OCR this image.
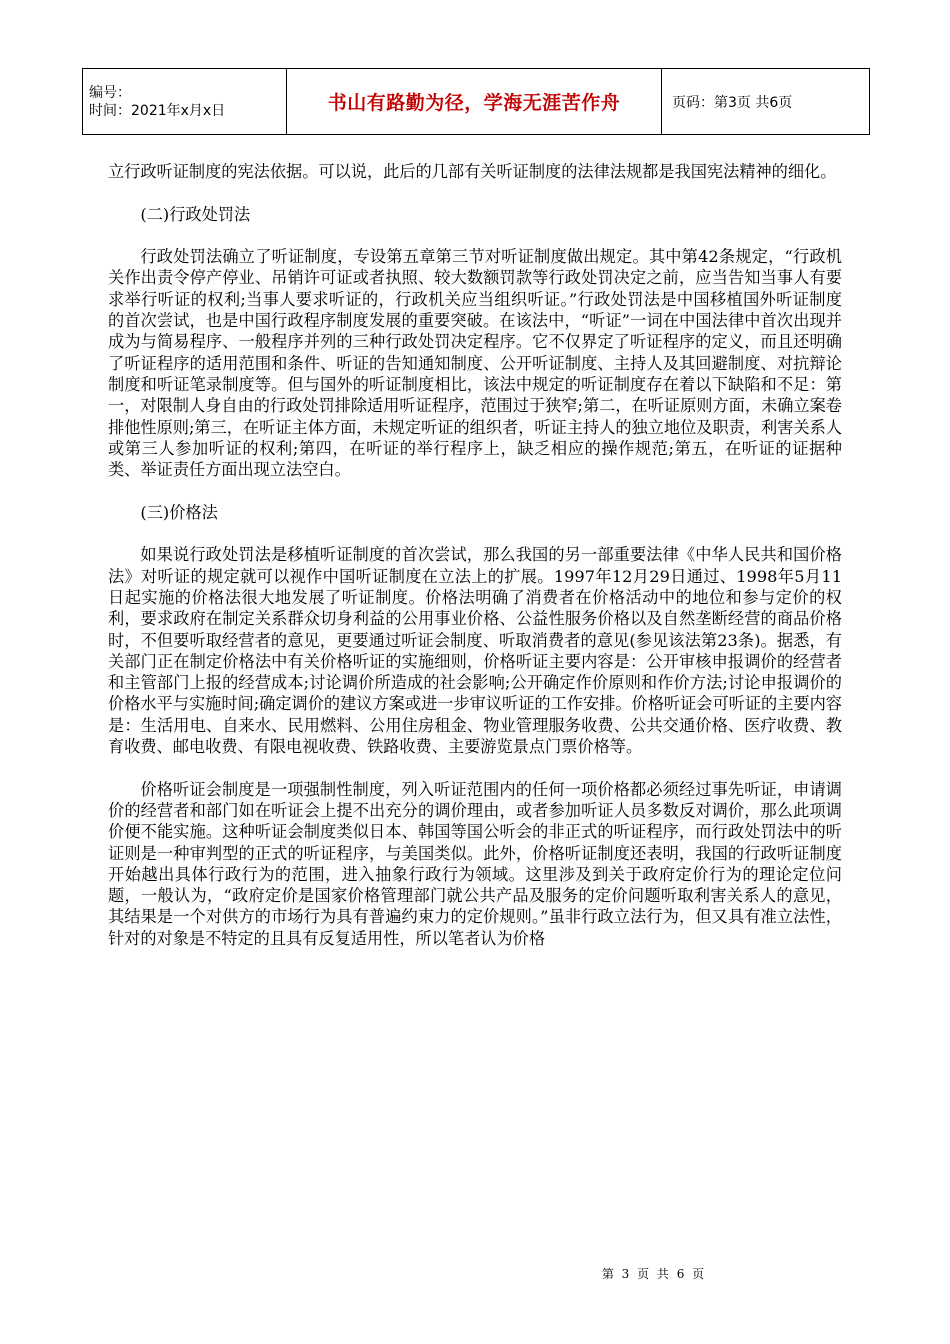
编号：
时间：2021年x月x日	书山有路勤为径，学海无涯苦作舟	页码：第3页 共6页

立行政听证制度的宪法依据。可以说，此后的几部有关听证制度的法律法规都是我国宪法精神的细化。

(二)行政处罚法

行政处罚法确立了听证制度，专设第五章第三节对听证制度做出规定。其中第42条规定，“行政机关作出责令停产停业、吊销许可证或者执照、较大数额罚款等行政处罚决定之前，应当告知当事人有要求举行听证的权利;当事人要求听证的，行政机关应当组织听证。”行政处罚法是中国移植国外听证制度的首次尝试，也是中国行政程序制度发展的重要突破。在该法中，“听证”一词在中国法律中首次出现并成为与简易程序、一般程序并列的三种行政处罚决定程序。它不仅界定了听证程序的定义，而且还明确了听证程序的适用范围和条件、听证的告知通知制度、公开听证制度、主持人及其回避制度、对抗辩论制度和听证笔录制度等。但与国外的听证制度相比，该法中规定的听证制度存在着以下缺陷和不足：第一，对限制人身自由的行政处罚排除适用听证程序，范围过于狭窄;第二，在听证原则方面，未确立案卷排他性原则;第三，在听证主体方面，未规定听证的组织者，听证主持人的独立地位及职责，利害关系人或第三人参加听证的权利;第四，在听证的举行程序上，缺乏相应的操作规范;第五，在听证的证据种类、举证责任方面出现立法空白。

(三)价格法

如果说行政处罚法是移植听证制度的首次尝试，那么我国的另一部重要法律《中华人民共和国价格法》对听证的规定就可以视作中国听证制度在立法上的扩展。1997年12月29日通过、1998年5月11日起实施的价格法很大地发展了听证制度。价格法明确了消费者在价格活动中的地位和参与定价的权利，要求政府在制定关系群众切身利益的公用事业价格、公益性服务价格以及自然垄断经营的商品价格时，不但要听取经营者的意见，更要通过听证会制度、听取消费者的意见(参见该法第23条)。据悉，有关部门正在制定价格法中有关价格听证的实施细则，价格听证主要内容是：公开审核申报调价的经营者和主管部门上报的经营成本;讨论调价所造成的社会影响;公开确定作价原则和作价方法;讨论申报调价的价格水平与实施时间;确定调价的建议方案或进一步审议听证的工作安排。价格听证会可听证的主要内容是：生活用电、自来水、民用燃料、公用住房租金、物业管理服务收费、公共交通价格、医疗收费、教育收费、邮电收费、有限电视收费、铁路收费、主要游览景点门票价格等。

价格听证会制度是一项强制性制度，列入听证范围内的任何一项价格都必须经过事先听证，申请调价的经营者和部门如在听证会上提不出充分的调价理由，或者参加听证人员多数反对调价，那么此项调价便不能实施。这种听证会制度类似日本、韩国等国公听会的非正式的听证程序，而行政处罚法中的听证则是一种审判型的正式的听证程序，与美国类似。此外，价格听证制度还表明，我国的行政听证制度开始越出具体行政行为的范围，进入抽象行政行为领域。这里涉及到关于政府定价行为的理论定位问题，一般认为，“政府定价是国家价格管理部门就公共产品及服务的定价问题听取利害关系人的意见，其结果是一个对供方的市场行为具有普遍约束力的定价规则。”虽非行政立法行为，但又具有准立法性，针对的对象是不特定的且具有反复适用性，所以笔者认为价格

第 3 页 共 6 页
